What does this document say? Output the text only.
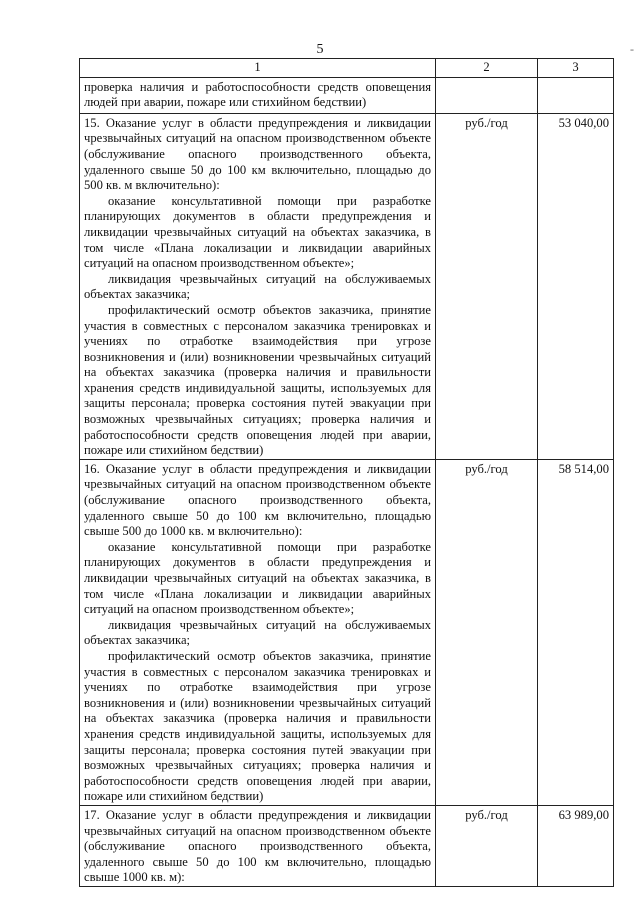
5	-
1	2	3

проверка наличия и работоспособности средств оповещения людей при аварии, пожаре или стихийном бедствии)		

15. Оказание услуг в области предупреждения и ликвидации чрезвычайных ситуаций на опасном производственном объекте (обслуживание опасного производственного объекта, удаленного свыше 50 до 100 км включительно, площадью до 500 кв. м включительно):

оказание консультативной помощи при разработке планирующих документов в области предупреждения и ликвидации чрезвычайных ситуаций на объектах заказчика, в том числе «Плана локализации и ликвидации аварийных ситуаций на опасном производственном объекте»;

ликвидация чрезвычайных ситуаций на обслуживаемых объектах заказчика;

профилактический осмотр объектов заказчика, принятие участия в совместных с персоналом заказчика тренировках и учениях по отработке взаимодействия при угрозе возникновения и (или) возникновении чрезвычайных ситуаций на объектах заказчика (проверка наличия и правильности хранения средств индивидуальной защиты, используемых для защиты персонала; проверка состояния путей эвакуации при возможных чрезвычайных ситуациях; проверка наличия и работоспособности средств оповещения людей при аварии, пожаре или стихийном бедствии)	руб./год	53 040,00

16. Оказание услуг в области предупреждения и ликвидации чрезвычайных ситуаций на опасном производственном объекте (обслуживание опасного производственного объекта, удаленного свыше 50 до 100 км включительно, площадью свыше 500 до 1000 кв. м включительно):

оказание консультативной помощи при разработке планирующих документов в области предупреждения и ликвидации чрезвычайных ситуаций на объектах заказчика, в том числе «Плана локализации и ликвидации аварийных ситуаций на опасном производственном объекте»;

ликвидация чрезвычайных ситуаций на обслуживаемых объектах заказчика;

профилактический осмотр объектов заказчика, принятие участия в совместных с персоналом заказчика тренировках и учениях по отработке взаимодействия при угрозе возникновения и (или) возникновении чрезвычайных ситуаций на объектах заказчика (проверка наличия и правильности хранения средств индивидуальной защиты, используемых для защиты персонала; проверка состояния путей эвакуации при возможных чрезвычайных ситуациях; проверка наличия и работоспособности средств оповещения людей при аварии, пожаре или стихийном бедствии)	руб./год	58 514,00

17. Оказание услуг в области предупреждения и ликвидации чрезвычайных ситуаций на опасном производственном объекте (обслуживание опасного производственного объекта, удаленного свыше 50 до 100 км включительно, площадью свыше 1000 кв. м):	руб./год	63 989,00
